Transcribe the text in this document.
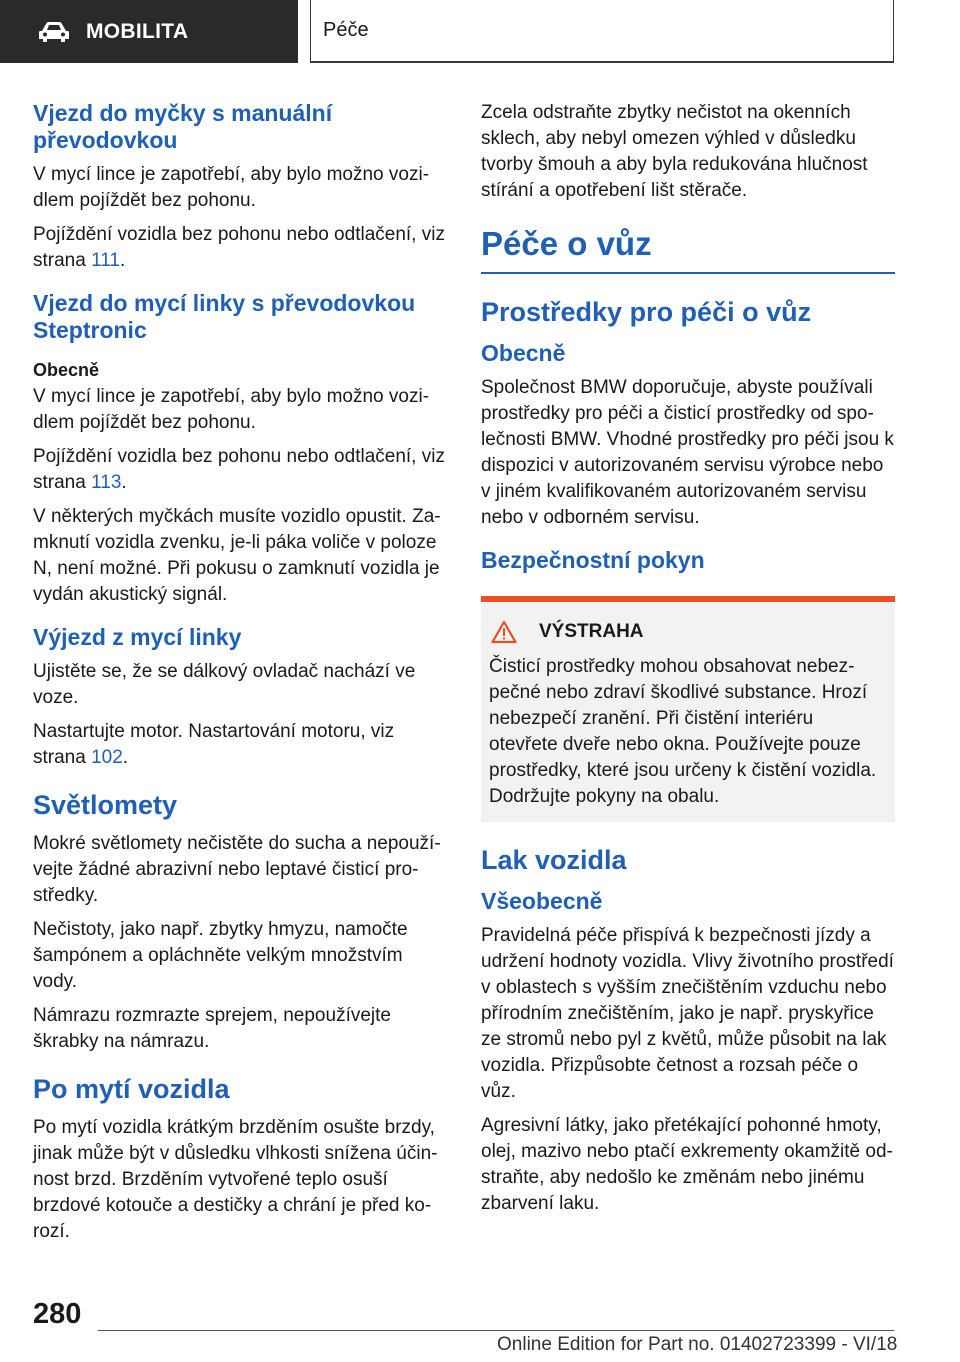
MOBILITA	Péče
Vjezd do myčky s manuální převodovkou

V mycí lince je zapotřebí, aby bylo možno vozidlem pojíždět bez pohonu.

Pojíždění vozidla bez pohonu nebo odtlačení, viz strana 111.

Vjezd do mycí linky s převodovkou Steptronic
Obecně

V mycí lince je zapotřebí, aby bylo možno vozidlem pojíždět bez pohonu.

Pojíždění vozidla bez pohonu nebo odtlačení, viz strana 113.

V některých myčkách musíte vozidlo opustit. Zamknutí vozidla zvenku, je-li páka voliče v poloze N, není možné. Při pokusu o zamknutí vozidla je vydán akustický signál.

Výjezd z mycí linky

Ujistěte se, že se dálkový ovladač nachází ve voze.

Nastartujte motor. Nastartování motoru, viz strana 102.

Světlomety

Mokré světlomety nečistěte do sucha a nepoužívejte žádné abrazivní nebo leptavé čisticí prostředky.

Nečistoty, jako např. zbytky hmyzu, namočte šampónem a opláchněte velkým množstvím vody.

Námrazu rozmrazte sprejem, nepoužívejte škrabky na námrazu.

Po mytí vozidla

Po mytí vozidla krátkým brzděním osušte brzdy, jinak může být v důsledku vlhkosti snížena účinnost brzd. Brzděním vytvořené teplo osuší brzdové kotouče a destičky a chrání je před korozí.

Zcela odstraňte zbytky nečistot na okenních sklech, aby nebyl omezen výhled v důsledku tvorby šmouh a aby byla redukována hlučnost stírání a opotřebení lišt stěrače.

Péče o vůz
Prostředky pro péči o vůz
Obecně

Společnost BMW doporučuje, abyste používali prostředky pro péči a čisticí prostředky od společnosti BMW. Vhodné prostředky pro péči jsou k dispozici v autorizovaném servisu výrobce nebo v jiném kvalifikovaném autorizovaném servisu nebo v odborném servisu.

Bezpečnostní pokyn
VÝSTRAHA

Čisticí prostředky mohou obsahovat nebezpečné nebo zdraví škodlivé substance. Hrozí nebezpečí zranění. Při čistění interiéru otevřete dveře nebo okna. Používejte pouze prostředky, které jsou určeny k čistění vozidla. Dodržujte pokyny na obalu.

Lak vozidla
Všeobecně

Pravidelná péče přispívá k bezpečnosti jízdy a udržení hodnoty vozidla. Vlivy životního prostředí v oblastech s vyšším znečištěním vzduchu nebo přírodním znečištěním, jako je např. pryskyřice ze stromů nebo pyl z květů, může působit na lak vozidla. Přizpůsobte četnost a rozsah péče o vůz.

Agresivní látky, jako přetékající pohonné hmoty, olej, mazivo nebo ptačí exkrementy okamžitě odstraňte, aby nedošlo ke změnám nebo jinému zbarvení laku.

280
Online Edition for Part no. 01402723399 - VI/18
